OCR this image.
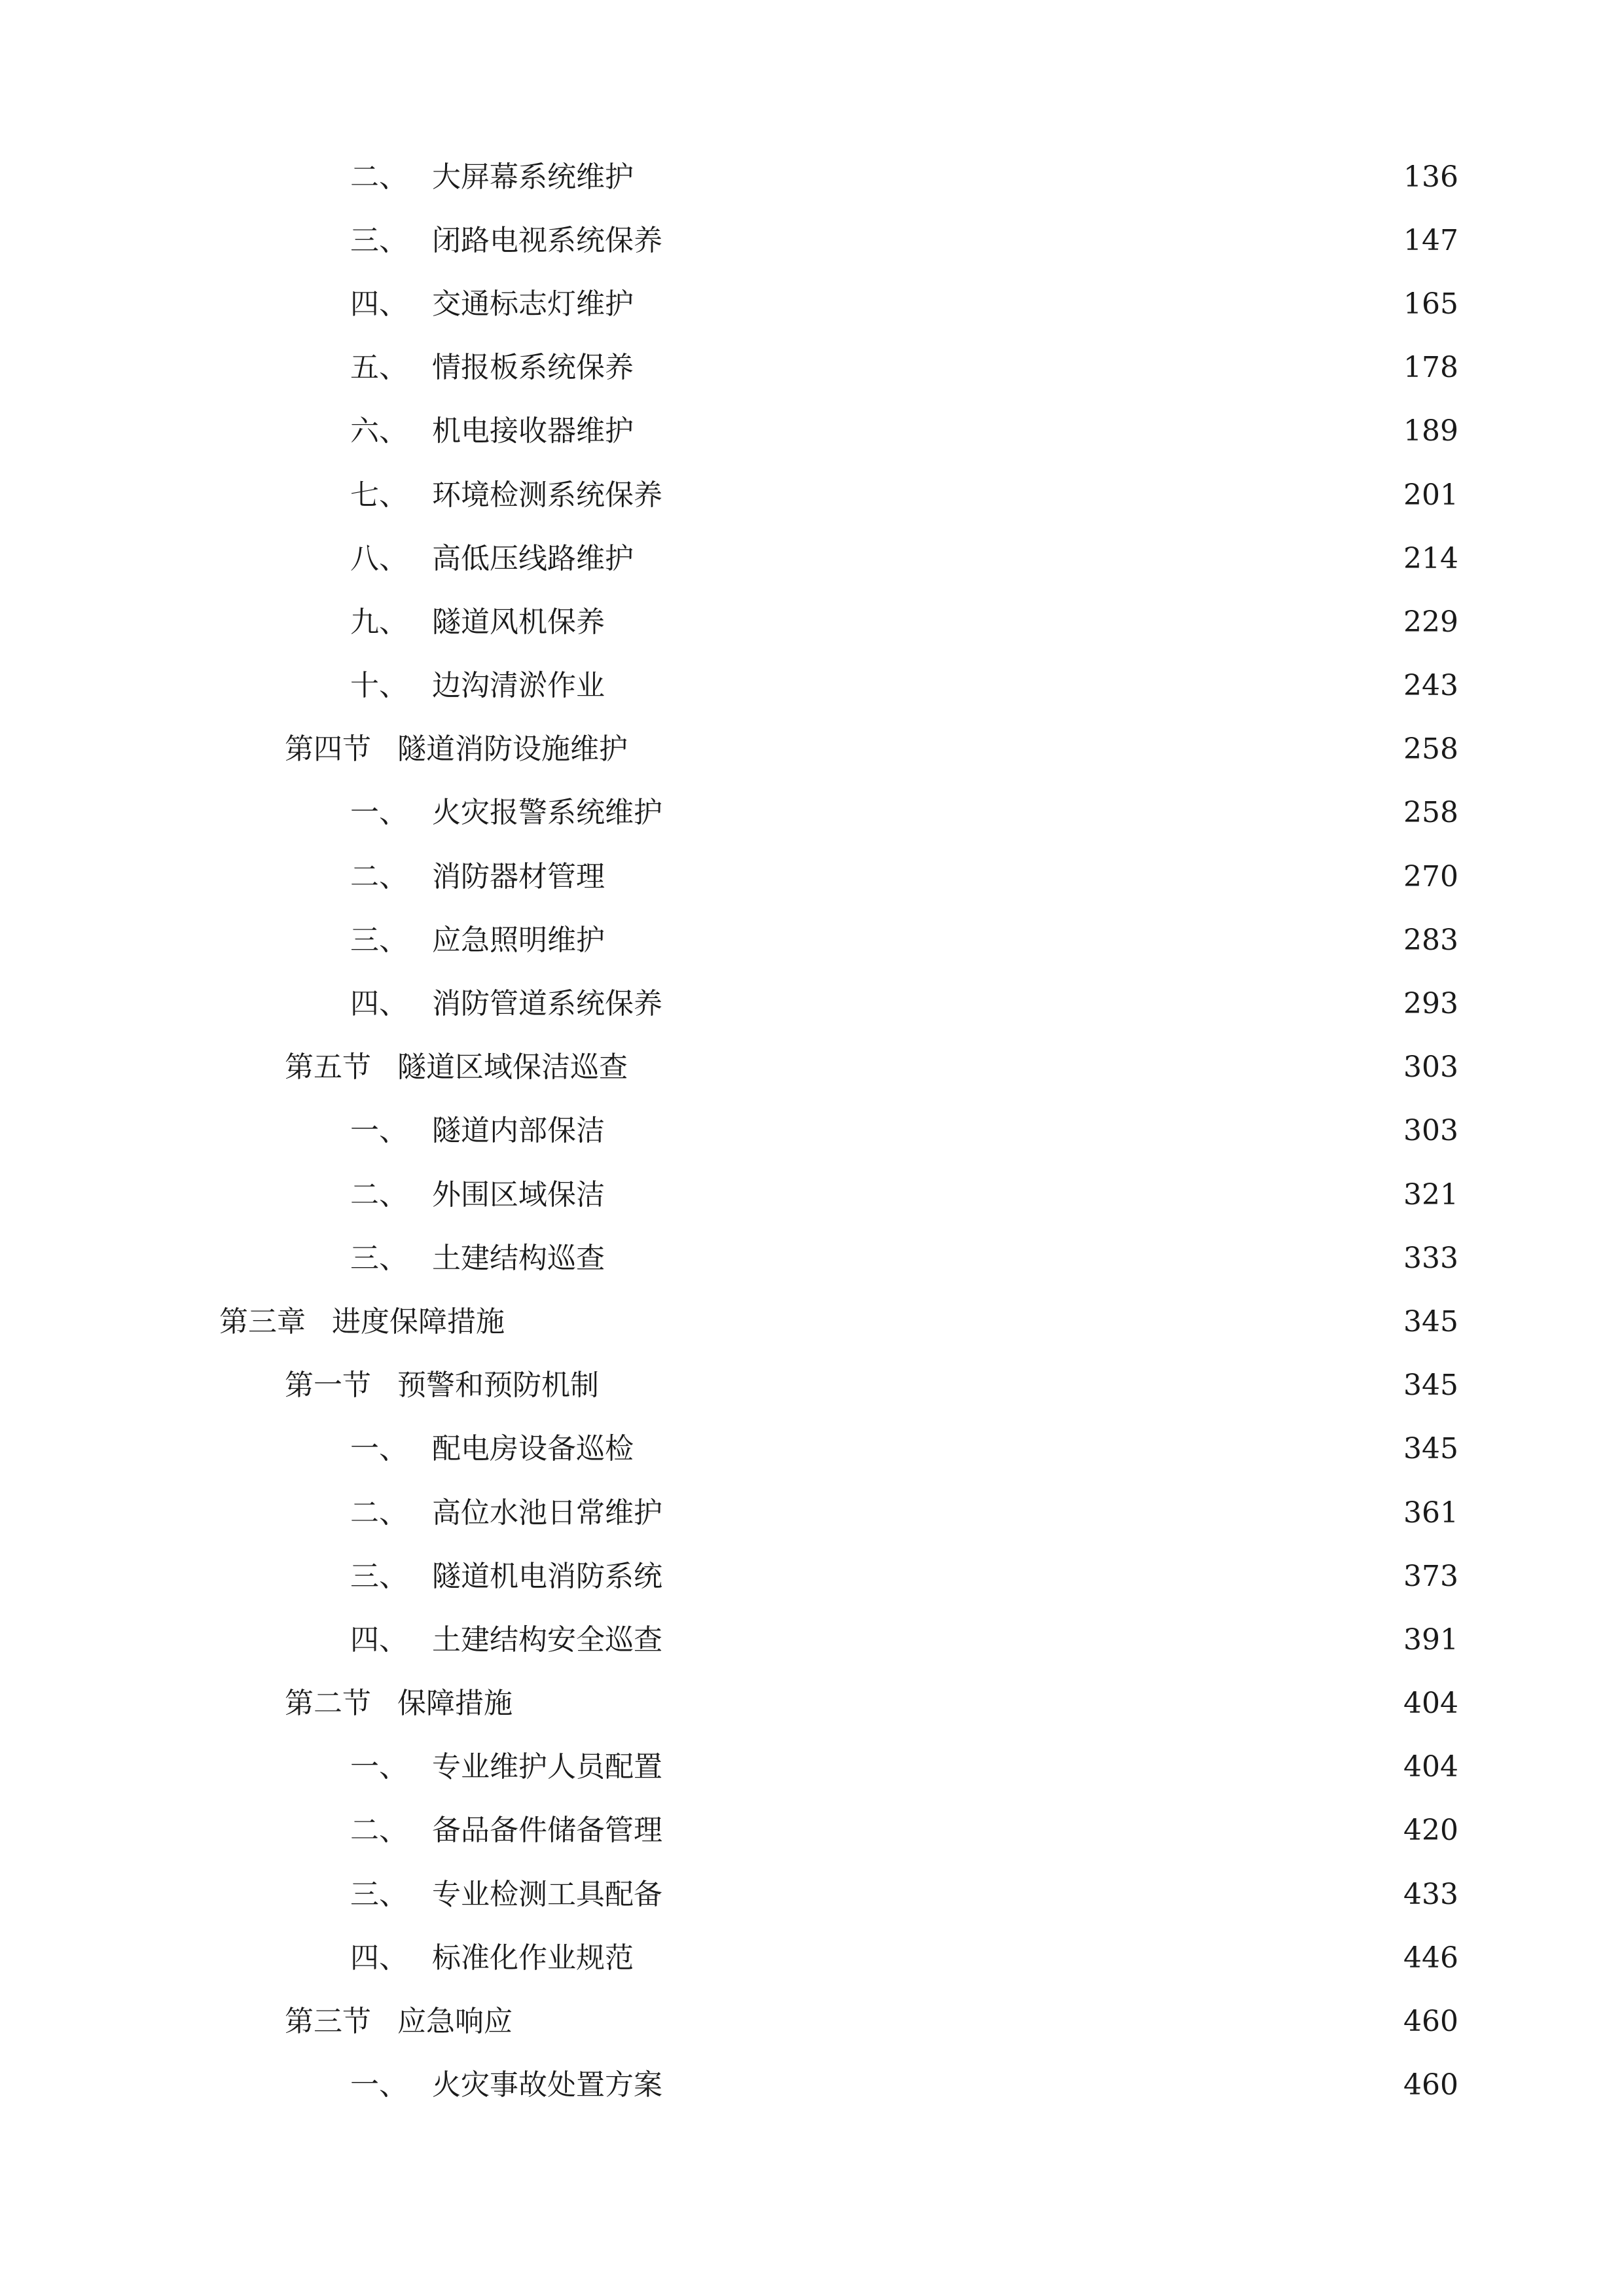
二、 大屏幕系统维护	136
三、 闭路电视系统保养	147
四、 交通标志灯维护	165
五、 情报板系统保养	178
六、 机电接收器维护	189
七、 环境检测系统保养	201
八、 高低压线路维护	214
九、 隧道风机保养	229
十、 边沟清淤作业	243
第四节 隧道消防设施维护	258
一、 火灾报警系统维护	258
二、 消防器材管理	270
三、 应急照明维护	283
四、 消防管道系统保养	293
第五节 隧道区域保洁巡查	303
一、 隧道内部保洁	303
二、 外围区域保洁	321
三、 土建结构巡查	333
第三章 进度保障措施	345
第一节 预警和预防机制	345
一、 配电房设备巡检	345
二、 高位水池日常维护	361
三、 隧道机电消防系统	373
四、 土建结构安全巡查	391
第二节 保障措施	404
一、 专业维护人员配置	404
二、 备品备件储备管理	420
三、 专业检测工具配备	433
四、 标准化作业规范	446
第三节 应急响应	460
一、 火灾事故处置方案	460
